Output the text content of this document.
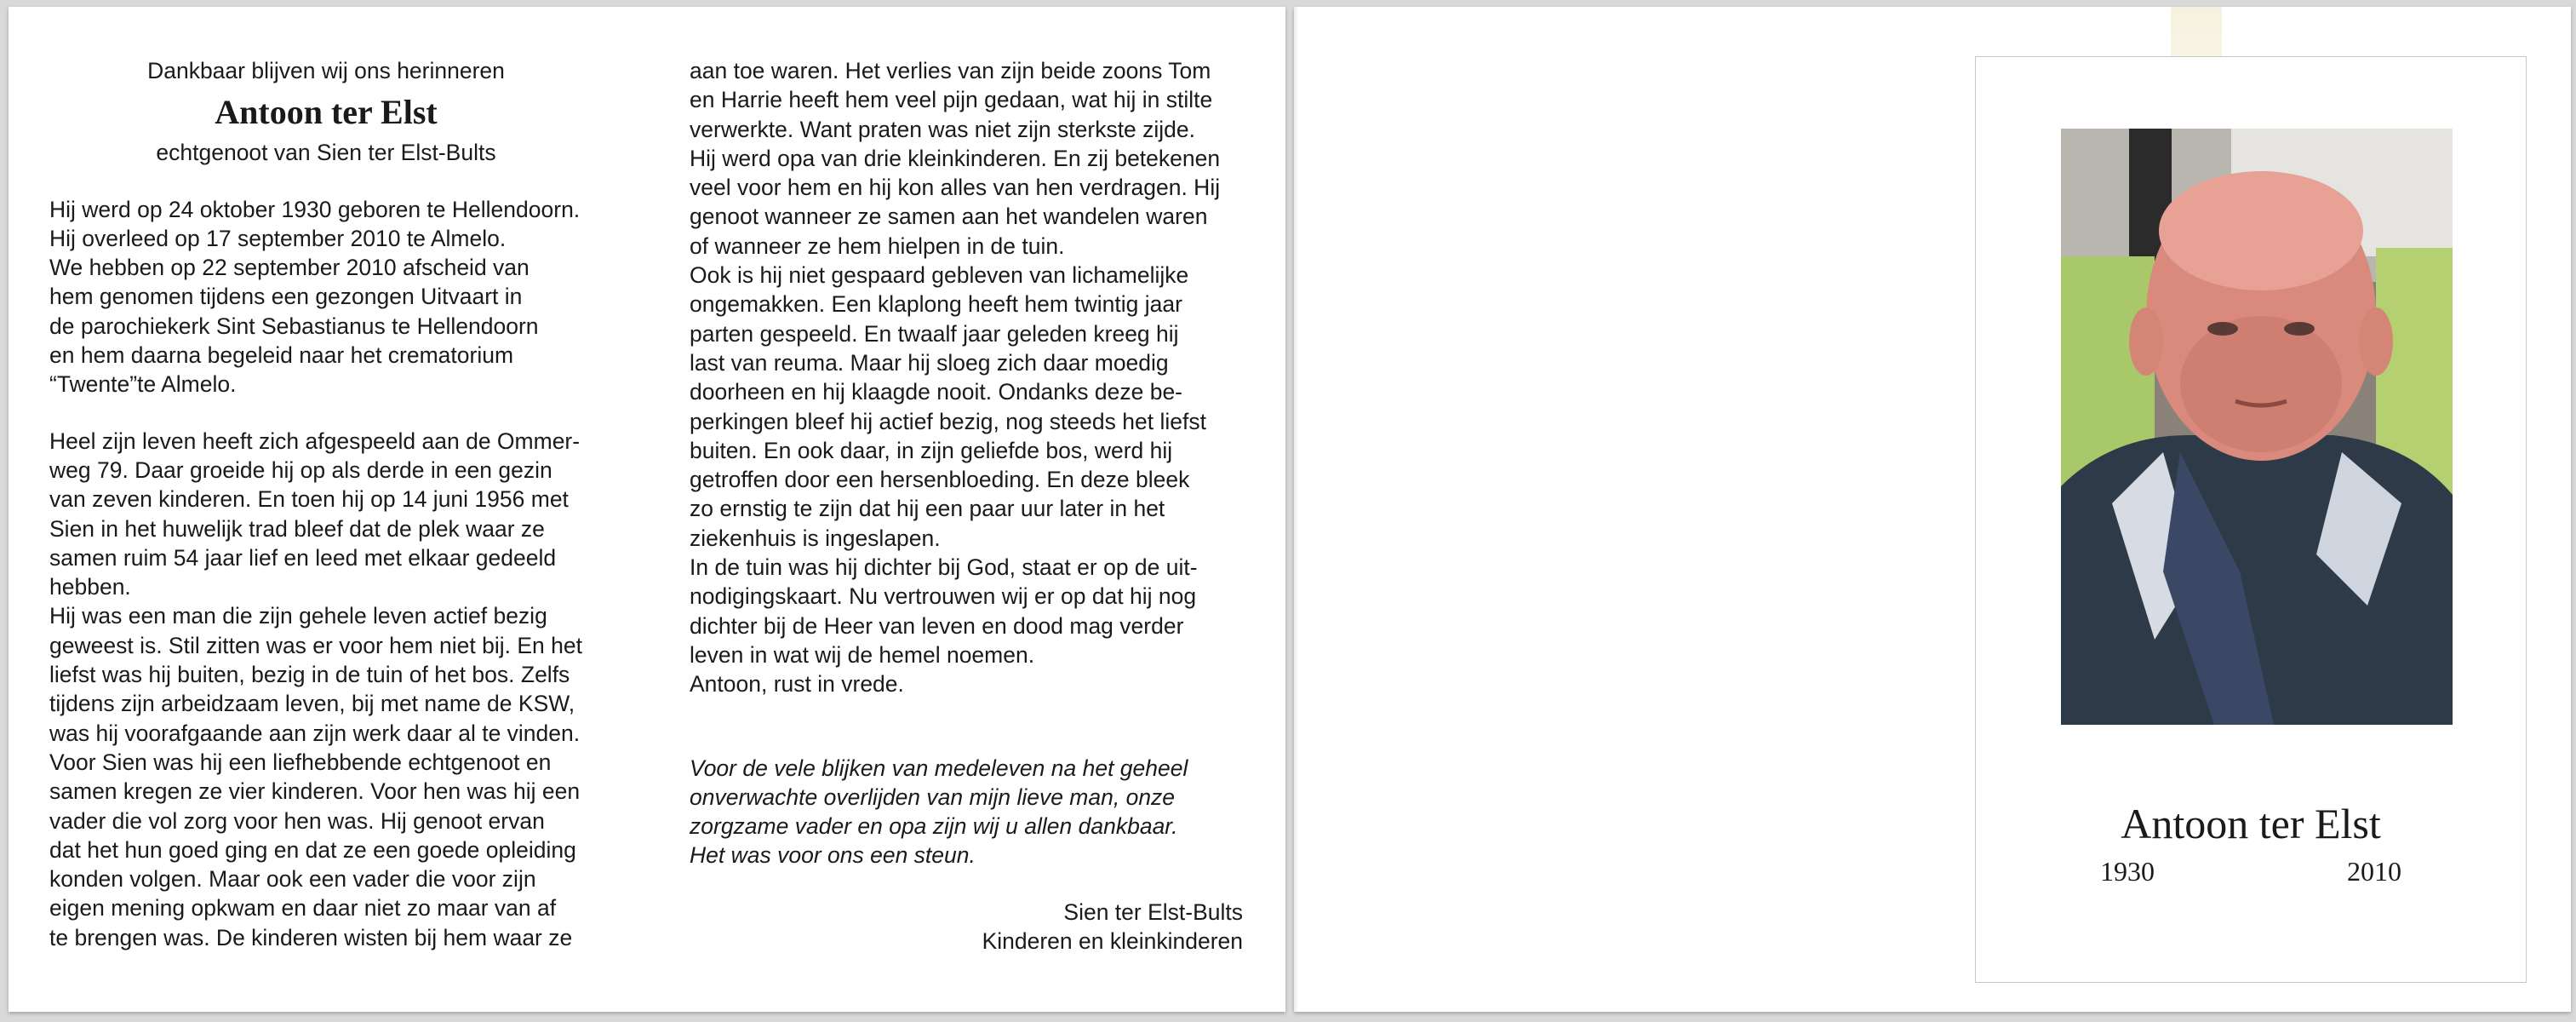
Dankbaar blijven wij ons herinneren
Antoon ter Elst
echtgenoot van Sien ter Elst-Bults

Hij werd op 24 oktober 1930 geboren te Hellendoorn.
Hij overleed op 17 september 2010 te Almelo.
We hebben op 22 september 2010 afscheid van
hem genomen tijdens een gezongen Uitvaart in
de parochiekerk Sint Sebastianus te Hellendoorn
en hem daarna begeleid naar het crematorium
“Twente”te Almelo.

Heel zijn leven heeft zich afgespeeld aan de Ommer-
weg 79. Daar groeide hij op als derde in een gezin
van zeven kinderen. En toen hij op 14 juni 1956 met
Sien in het huwelijk trad bleef dat de plek waar ze
samen ruim 54 jaar lief en leed met elkaar gedeeld
hebben.

Hij was een man die zijn gehele leven actief bezig
geweest is. Stil zitten was er voor hem niet bij. En het
liefst was hij buiten, bezig in de tuin of het bos. Zelfs
tijdens zijn arbeidzaam leven, bij met name de KSW,
was hij voorafgaande aan zijn werk daar al te vinden.
Voor Sien was hij een liefhebbende echtgenoot en
samen kregen ze vier kinderen. Voor hen was hij een
vader die vol zorg voor hen was. Hij genoot ervan
dat het hun goed ging en dat ze een goede opleiding
konden volgen. Maar ook een vader die voor zijn
eigen mening opkwam en daar niet zo maar van af
te brengen was. De kinderen wisten bij hem waar ze

aan toe waren. Het verlies van zijn beide zoons Tom
en Harrie heeft hem veel pijn gedaan, wat hij in stilte
verwerkte. Want praten was niet zijn sterkste zijde.
Hij werd opa van drie kleinkinderen. En zij betekenen
veel voor hem en hij kon alles van hen verdragen. Hij
genoot wanneer ze samen aan het wandelen waren
of wanneer ze hem hielpen in de tuin.

Ook is hij niet gespaard gebleven van lichamelijke
ongemakken. Een klaplong heeft hem twintig jaar
parten gespeeld. En twaalf jaar geleden kreeg hij
last van reuma. Maar hij sloeg zich daar moedig
doorheen en hij klaagde nooit. Ondanks deze be-
perkingen bleef hij actief bezig, nog steeds het liefst
buiten. En ook daar, in zijn geliefde bos, werd hij
getroffen door een hersenbloeding. En deze bleek
zo ernstig te zijn dat hij een paar uur later in het
ziekenhuis is ingeslapen.

In de tuin was hij dichter bij God, staat er op de uit-
nodigingskaart. Nu vertrouwen wij er op dat hij nog
dichter bij de Heer van leven en dood mag verder
leven in wat wij de hemel noemen.

Antoon, rust in vrede.

Voor de vele blijken van medeleven na het geheel
onverwachte overlijden van mijn lieve man, onze
zorgzame vader en opa zijn wij u allen dankbaar.
Het was voor ons een steun.

Sien ter Elst-Bults
Kinderen en kleinkinderen
Antoon ter Elst
1930	2010
